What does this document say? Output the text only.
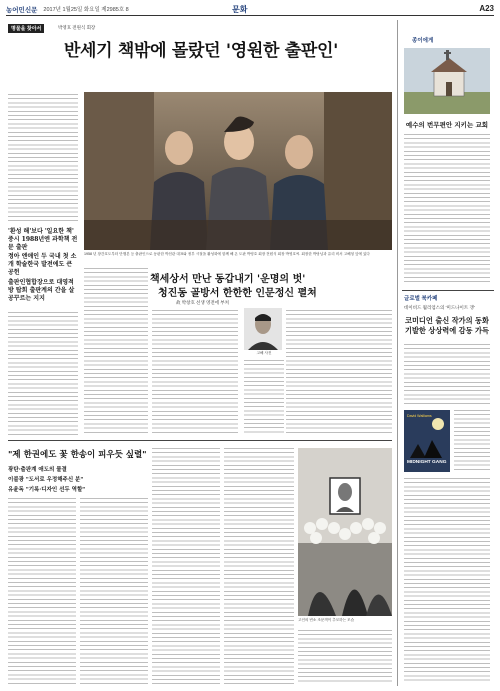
농어민신문 2017년 1월25일 화요일 제2985호 8	문화	A23
명물을 찾아서	박영호 전원식 회장
반세기 책밖에 몰랐던 '영원한 출판인'
'환성 해'보다 '일요한 책' 중시 1988년엔 과학책 전문 출판
정아 엔애인 두 국내 첫 소개 학술한국 발전에도 큰 공헌
출판인협합장으로 대영적방 탑회 출판계의 간을 살공꾸르는 지지
1958 년 창간호도부터 단행본 등 출판인으로 동판한 박천관 대표와 정부 시절을 활성화에 함께 해 온 도판 박영호 회장 전원식 회장 박영호씨. 회장한 박당님과 유리 비서 고해청 앞에 있다
책세상서 만난 동갑내기 '운명의 벗'
청진동 골방서 한한한 인문정신 펼쳐
故 박창호 선생 영전에 부쳐
고해 사진
"제 한권에도 꽃 한송이 피우듯 싶렬"
광탄·출판계 애도의 물결
이불광 "도서로 우정해주신 분"
유윤독 "기록·디자인 선두 역할"
고인의 빈소 조문객이 추모하는 모습
종이에게
예수의 번무편안 지키는 교회
글로벌 북카페
데이비드 월리엄스의 '미드나이트 갱'
코미디언 출신 작가의 동화 기발한 상상력에 감동 가득
David Walliams
MIDNIGHT GANG
